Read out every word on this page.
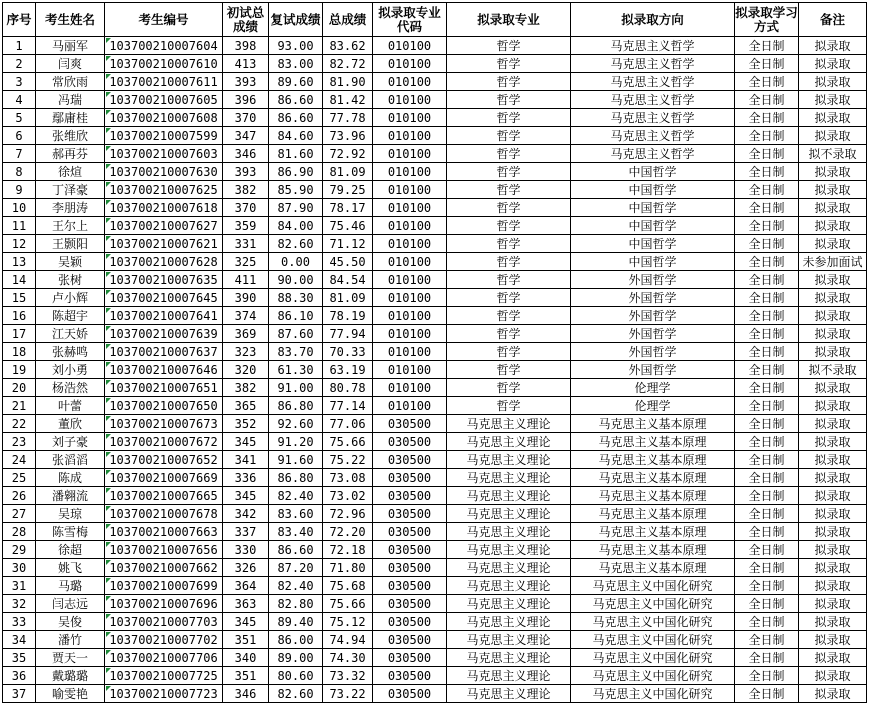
序号	考生姓名	考生编号	初试总成绩	复试成绩	总成绩	拟录取专业代码	拟录取专业	拟录取方向	拟录取学习方式	备注
1	马丽军	103700210007604	398	93.00	83.62	010100	哲学	马克思主义哲学	全日制	拟录取
2	闫爽	103700210007610	413	83.00	82.72	010100	哲学	马克思主义哲学	全日制	拟录取
3	常欣雨	103700210007611	393	89.60	81.90	010100	哲学	马克思主义哲学	全日制	拟录取
4	冯瑞	103700210007605	396	86.60	81.42	010100	哲学	马克思主义哲学	全日制	拟录取
5	鄢庸桂	103700210007608	370	86.60	77.78	010100	哲学	马克思主义哲学	全日制	拟录取
6	张维欣	103700210007599	347	84.60	73.96	010100	哲学	马克思主义哲学	全日制	拟录取
7	郝再芬	103700210007603	346	81.60	72.92	010100	哲学	马克思主义哲学	全日制	拟不录取
8	徐煊	103700210007630	393	86.90	81.09	010100	哲学	中国哲学	全日制	拟录取
9	丁泽豪	103700210007625	382	85.90	79.25	010100	哲学	中国哲学	全日制	拟录取
10	李朋涛	103700210007618	370	87.90	78.17	010100	哲学	中国哲学	全日制	拟录取
11	王尔上	103700210007627	359	84.00	75.46	010100	哲学	中国哲学	全日制	拟录取
12	王颢阳	103700210007621	331	82.60	71.12	010100	哲学	中国哲学	全日制	拟录取
13	吴颖	103700210007628	325	0.00	45.50	010100	哲学	中国哲学	全日制	未参加面试
14	张树	103700210007635	411	90.00	84.54	010100	哲学	外国哲学	全日制	拟录取
15	卢小辉	103700210007645	390	88.30	81.09	010100	哲学	外国哲学	全日制	拟录取
16	陈超宇	103700210007641	374	86.10	78.19	010100	哲学	外国哲学	全日制	拟录取
17	江天娇	103700210007639	369	87.60	77.94	010100	哲学	外国哲学	全日制	拟录取
18	张赫鸣	103700210007637	323	83.70	70.33	010100	哲学	外国哲学	全日制	拟录取
19	刘小勇	103700210007646	320	61.30	63.19	010100	哲学	外国哲学	全日制	拟不录取
20	杨浩然	103700210007651	382	91.00	80.78	010100	哲学	伦理学	全日制	拟录取
21	叶蕾	103700210007650	365	86.80	77.14	010100	哲学	伦理学	全日制	拟录取
22	董欣	103700210007673	352	92.60	77.06	030500	马克思主义理论	马克思主义基本原理	全日制	拟录取
23	刘子豪	103700210007672	345	91.20	75.66	030500	马克思主义理论	马克思主义基本原理	全日制	拟录取
24	张滔滔	103700210007652	341	91.60	75.22	030500	马克思主义理论	马克思主义基本原理	全日制	拟录取
25	陈成	103700210007669	336	86.80	73.08	030500	马克思主义理论	马克思主义基本原理	全日制	拟录取
26	潘翱流	103700210007665	345	82.40	73.02	030500	马克思主义理论	马克思主义基本原理	全日制	拟录取
27	吴琼	103700210007678	342	83.60	72.96	030500	马克思主义理论	马克思主义基本原理	全日制	拟录取
28	陈雪梅	103700210007663	337	83.40	72.20	030500	马克思主义理论	马克思主义基本原理	全日制	拟录取
29	徐超	103700210007656	330	86.60	72.18	030500	马克思主义理论	马克思主义基本原理	全日制	拟录取
30	姚飞	103700210007662	326	87.20	71.80	030500	马克思主义理论	马克思主义基本原理	全日制	拟录取
31	马璐	103700210007699	364	82.40	75.68	030500	马克思主义理论	马克思主义中国化研究	全日制	拟录取
32	闫志远	103700210007696	363	82.80	75.66	030500	马克思主义理论	马克思主义中国化研究	全日制	拟录取
33	吴俊	103700210007703	345	89.40	75.12	030500	马克思主义理论	马克思主义中国化研究	全日制	拟录取
34	潘竹	103700210007702	351	86.00	74.94	030500	马克思主义理论	马克思主义中国化研究	全日制	拟录取
35	贾天一	103700210007706	340	89.00	74.30	030500	马克思主义理论	马克思主义中国化研究	全日制	拟录取
36	戴璐璐	103700210007725	351	80.60	73.32	030500	马克思主义理论	马克思主义中国化研究	全日制	拟录取
37	喻雯艳	103700210007723	346	82.60	73.22	030500	马克思主义理论	马克思主义中国化研究	全日制	拟录取
